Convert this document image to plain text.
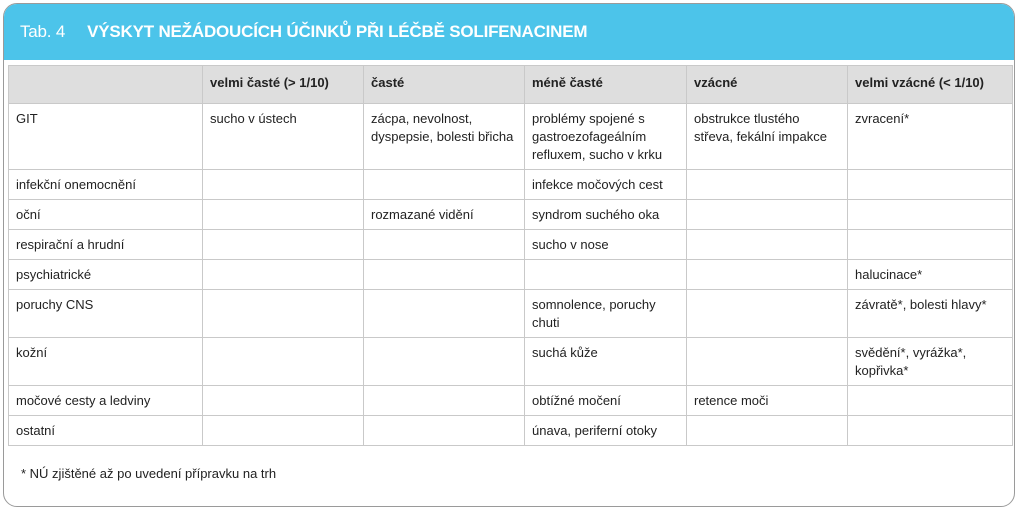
Tab. 4 VÝSKYT NEŽÁDOUCÍCH ÚČINKŮ PŘI LÉČBĚ SOLIFENACINEM
	velmi časté (> 1/10)	časté	méně časté	vzácné	velmi vzácné (< 1/10)
GIT	sucho v ústech	zácpa, nevolnost, dyspepsie, bolesti břicha	problémy spojené s gastroezofageálním refluxem, sucho v krku	obstrukce tlustého střeva, fekální impakce	zvracení*
infekční onemocnění			infekce močových cest		
oční		rozmazané vidění	syndrom suchého oka		
respirační a hrudní			sucho v nose		
psychiatrické					halucinace*
poruchy CNS			somnolence, poruchy chuti		závratě*, bolesti hlavy*
kožní			suchá kůže		svědění*, vyrážka*, kopřivka*
močové cesty a ledviny			obtížné močení	retence moči	
ostatní			únava, periferní otoky		
* NÚ zjištěné až po uvedení přípravku na trh
